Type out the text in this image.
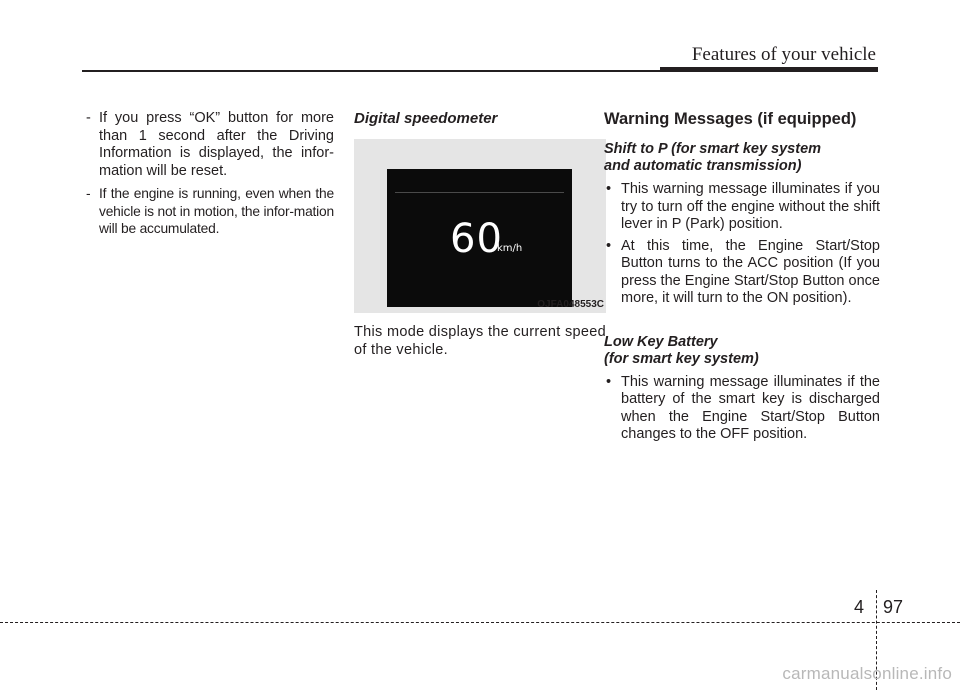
Features of your vehicle
- If you press “OK” button for more than 1 second after the Driving Information is displayed, the infor-mation will be reset.
- If the engine is running, even when the vehicle is not in motion, the infor-mation will be accumulated.
Digital speedometer
60
km/h
OJFA048553C

This mode displays the current speed of the vehicle.

Warning Messages (if equipped)
Shift to P (for smart key system
and automatic transmission)
• This warning message illuminates if you try to turn off the engine without the shift lever in P (Park) position.
• At this time, the Engine Start/Stop Button turns to the ACC position (If you press the Engine Start/Stop Button once more, it will turn to the ON position).
Low Key Battery
(for smart key system)
• This warning message illuminates if the battery of the smart key is discharged when the Engine Start/Stop Button changes to the OFF position.
4 97
carmanualsonline.info
